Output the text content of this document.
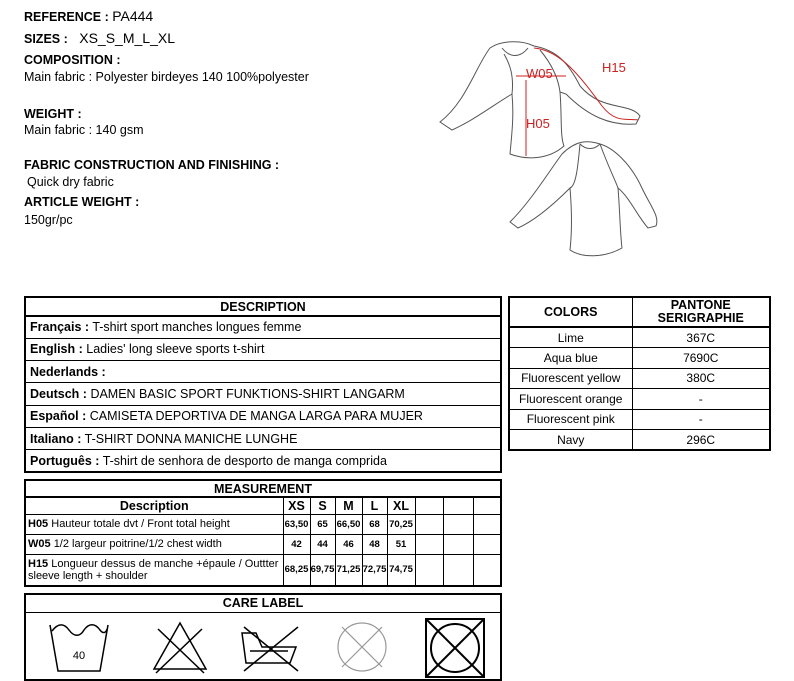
REFERENCE : PA444
SIZES : XS_S_M_L_XL
COMPOSITION :
Main fabric : Polyester birdeyes 140 100%polyester
WEIGHT :
Main fabric : 140 gsm
FABRIC CONSTRUCTION AND FINISHING :
Quick dry fabric
ARTICLE WEIGHT :
150gr/pc
W05	H15
H05
DESCRIPTION
Français : T-shirt sport manches longues femme
English : Ladies' long sleeve sports t-shirt
Nederlands :
Deutsch : DAMEN BASIC SPORT FUNKTIONS-SHIRT LANGARM
Español : CAMISETA DEPORTIVA DE MANGA LARGA PARA MUJER
Italiano : T-SHIRT DONNA MANICHE LUNGHE
Português : T-shirt de senhora de desporto de manga comprida
COLORS	PANTONE
SERIGRAPHIE
Lime	367C
Aqua blue	7690C
Fluorescent yellow	380C
Fluorescent orange	-
Fluorescent pink	-
Navy	296C
MEASUREMENT								
Description	XS	S	M	L	XL			
H05 Hauteur totale dvt / Front total height	63,50	65	66,50	68	70,25			
W05 1/2 largeur poitrine/1/2 chest width	42	44	46	48	51			
H15 Longueur dessus de manche +épaule / Outtter sleeve length + shoulder	68,25	69,75	71,25	72,75	74,75			
CARE LABEL
40
